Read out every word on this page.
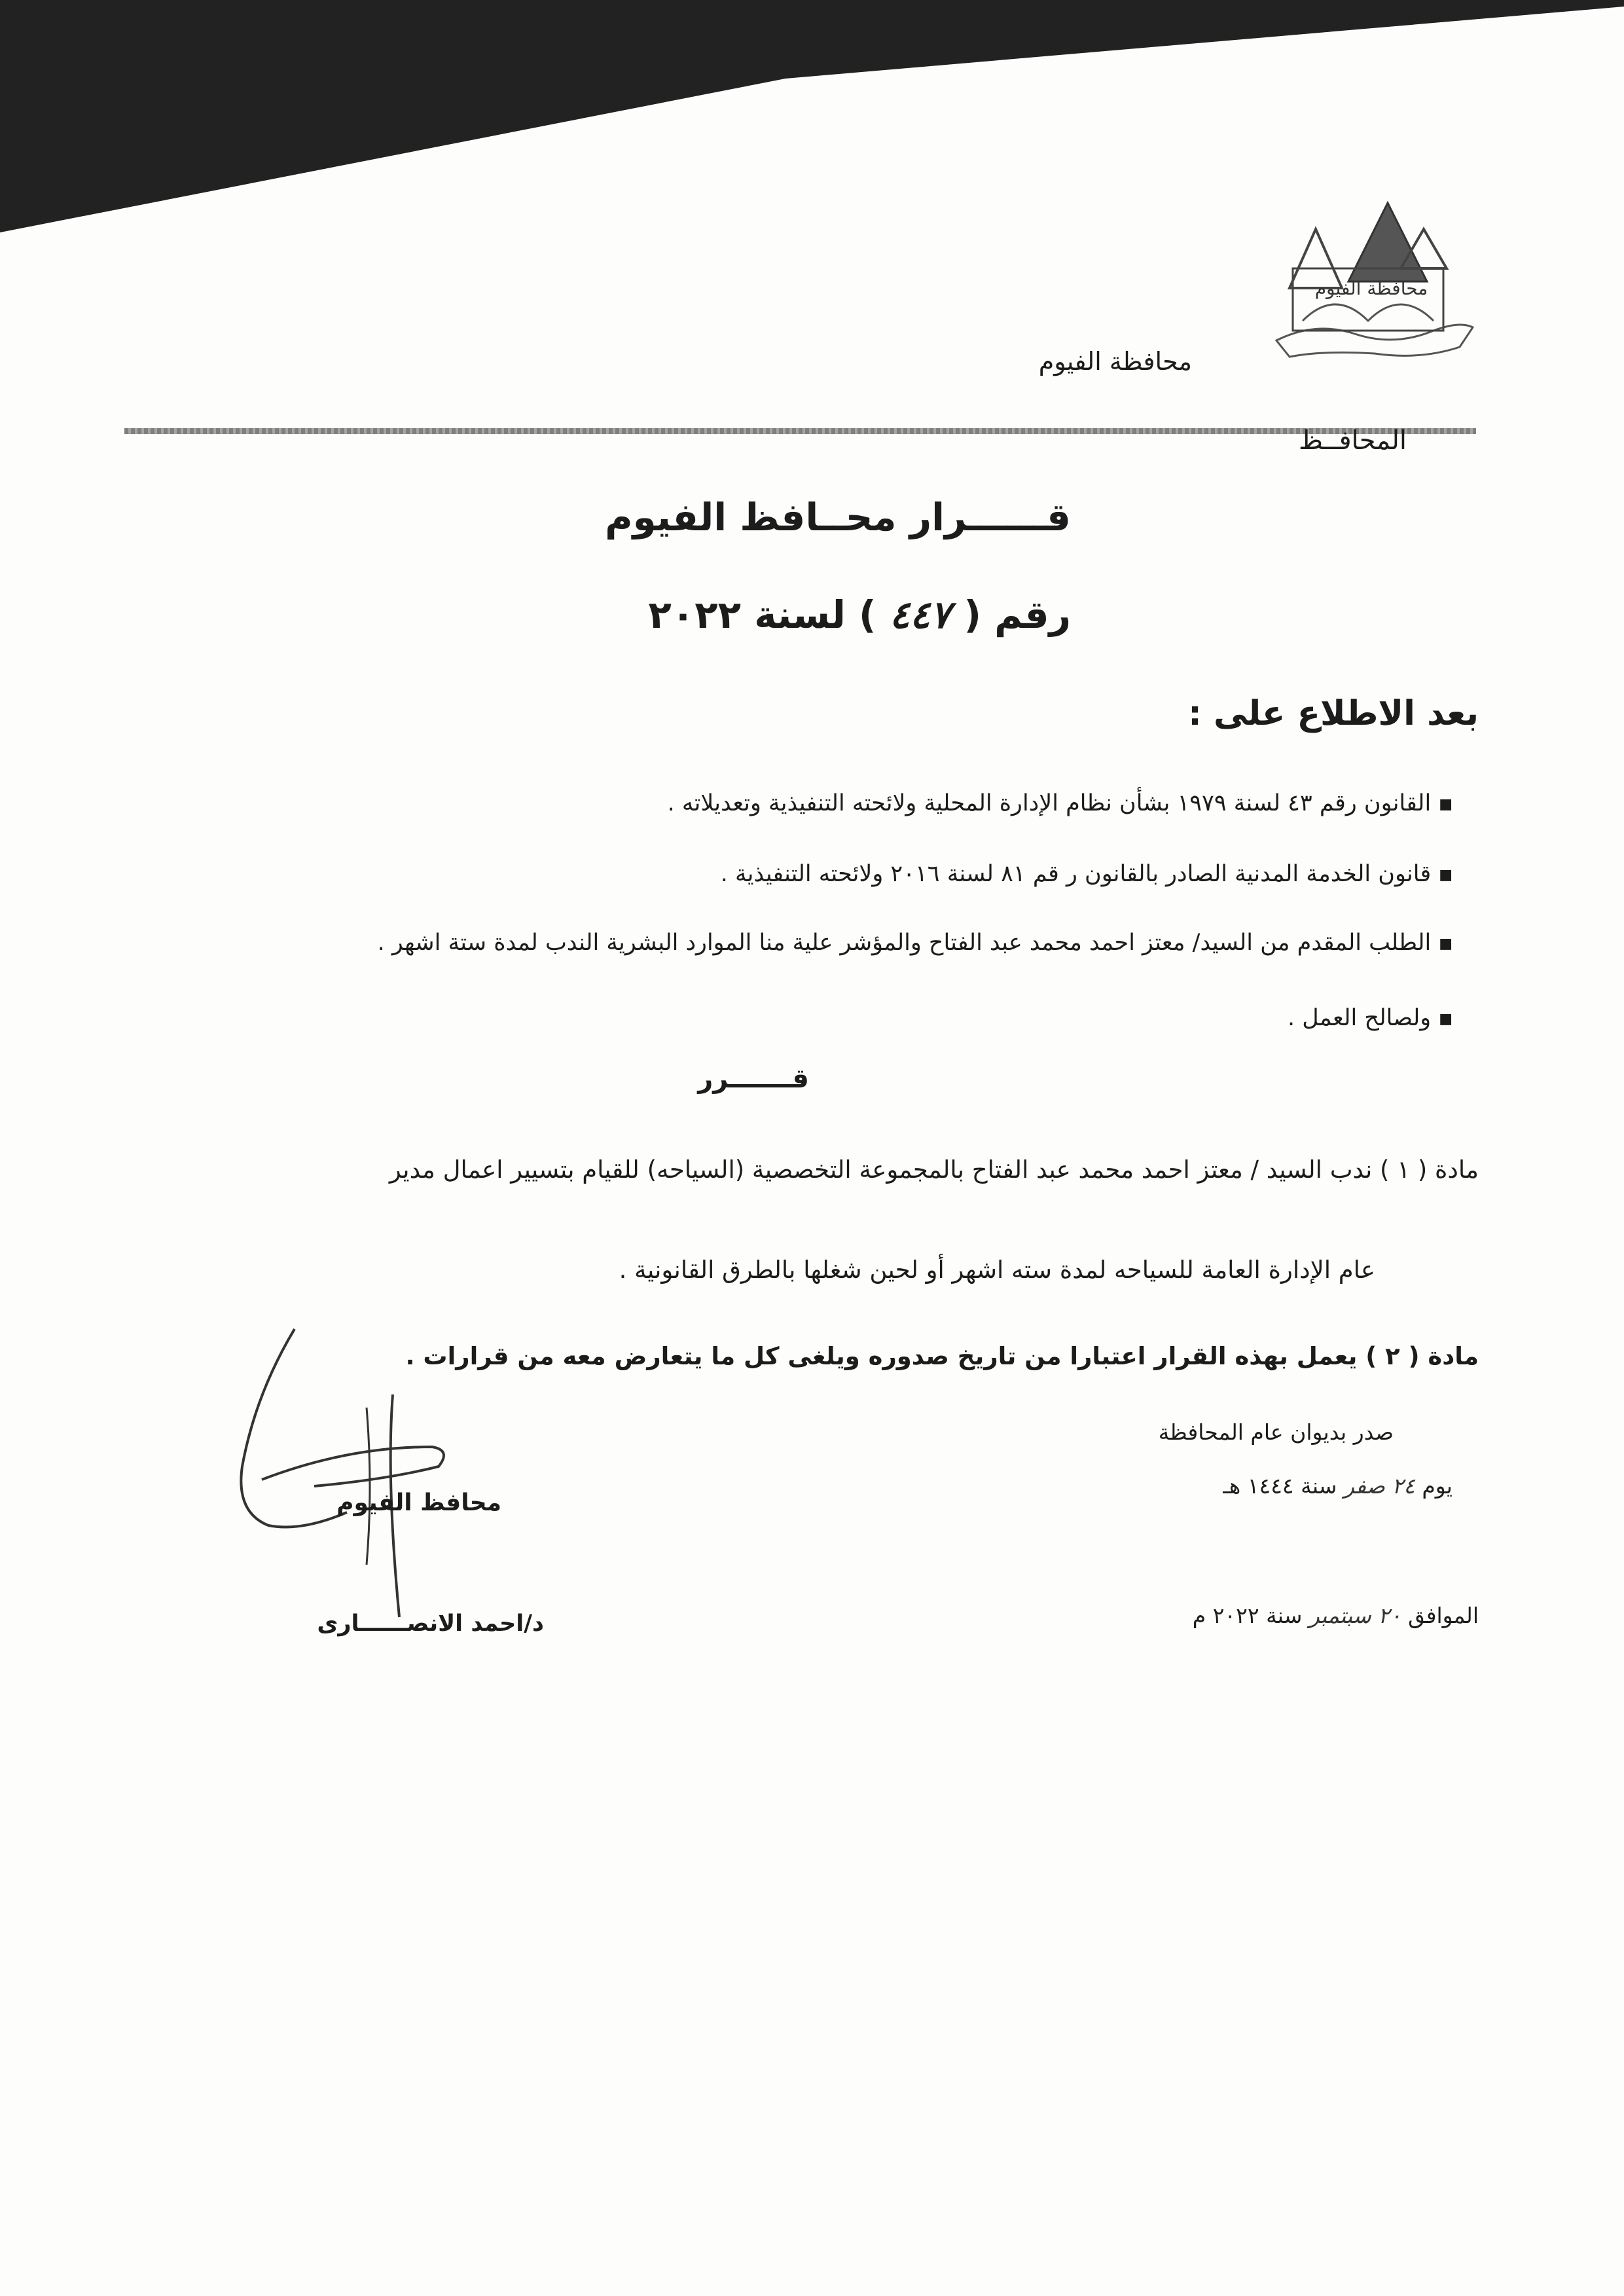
محافظة الفيوم
محافظة الفيوم
المحافــظ
قــــــرار محــافظ الفيوم
رقم ( ٤٤٧ ) لسنة ٢٠٢٢
بعد الاطلاع على :
■القانون رقم ٤٣ لسنة ١٩٧٩ بشأن نظام الإدارة المحلية ولائحته التنفيذية وتعديلاته .
■قانون الخدمة المدنية الصادر بالقانون ر قم ٨١ لسنة ٢٠١٦ ولائحته التنفيذية .
■الطلب المقدم من السيد/ معتز احمد محمد عبد الفتاح والمؤشر علية منا الموارد البشرية الندب لمدة ستة اشهر .
■ولصالح العمل .
قـــــــرر
مادة ( ١ ) ندب السيد / معتز احمد محمد عبد الفتاح بالمجموعة التخصصية (السياحه) للقيام بتسيير اعمال مدير
عام الإدارة العامة للسياحه لمدة سته اشهر أو لحين شغلها بالطرق القانونية .
مادة ( ٢ ) يعمل بهذه القرار اعتبارا من تاريخ صدوره ويلغى كل ما يتعارض معه من قرارات .
صدر بديوان عام المحافظة
يوم ٢٤ صفر سنة ١٤٤٤ هـ
الموافق ٢٠ سبتمبر سنة ٢٠٢٢ م
محافظ الفيوم
د/احمد الانصــــــارى
